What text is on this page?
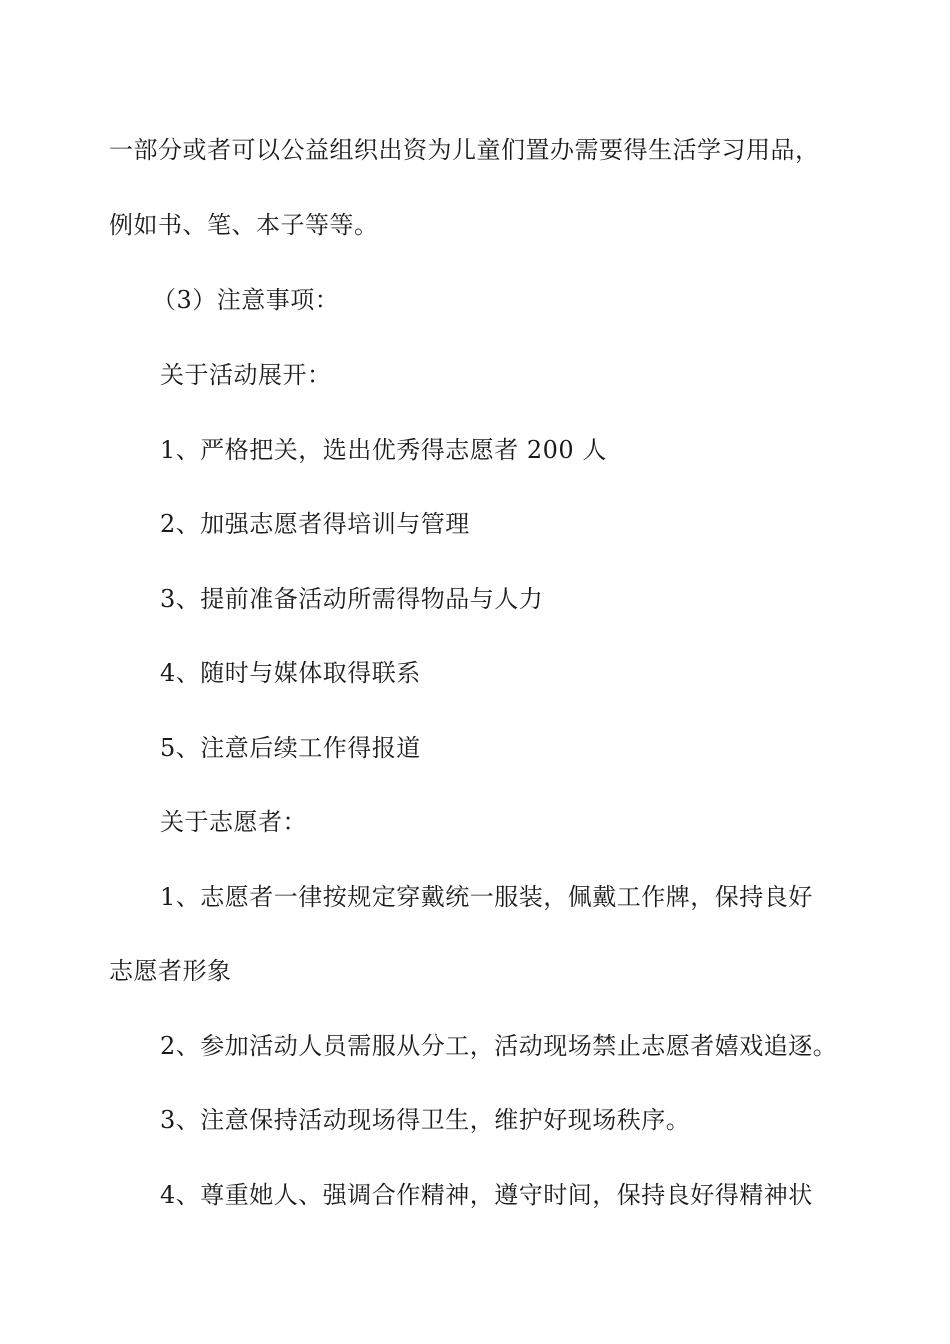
一部分或者可以公益组织出资为儿童们置办需要得生活学习用品，
例如书、笔、本子等等。
（3）注意事项：
关于活动展开：
1、严格把关，选出优秀得志愿者 200 人
2、加强志愿者得培训与管理
3、提前准备活动所需得物品与人力
4、随时与媒体取得联系
5、注意后续工作得报道
关于志愿者：
1、志愿者一律按规定穿戴统一服装，佩戴工作牌，保持良好
志愿者形象
2、参加活动人员需服从分工，活动现场禁止志愿者嬉戏追逐。
3、注意保持活动现场得卫生，维护好现场秩序。
4、尊重她人、强调合作精神，遵守时间，保持良好得精神状
